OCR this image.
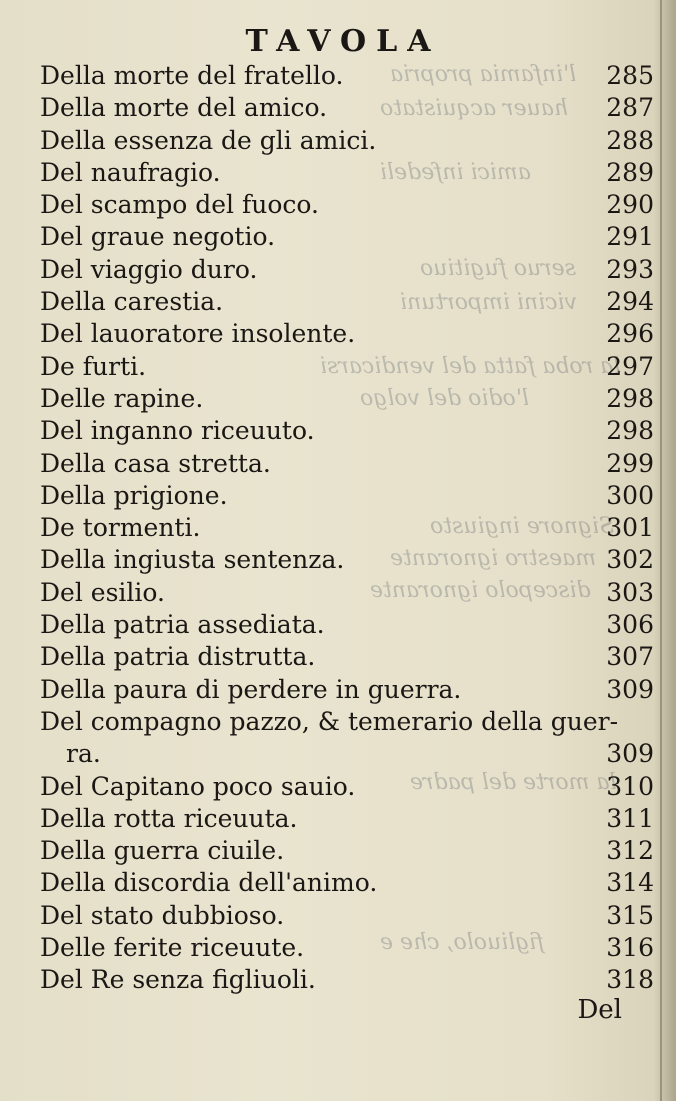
l'infamia propria
hauer acquistato
amici infedeli
seruo fugitiuo
vicini importuni
la roba fatta del vendicarsi
l'odio del volgo
Signore ingiusto
maestro ignorante
discepolo ignorante
la morte del padre
figliuolo, che e
TAVOLA
Della morte del fratello.	285
Della morte del amico.	287
Della essenza de gli amici.	288
Del naufragio.	289
Del scampo del fuoco.	290
Del graue negotio.	291
Del viaggio duro.	293
Della carestia.	294
Del lauoratore insolente.	296
De furti.	297
Delle rapine.	298
Del inganno riceuuto.	298
Della casa stretta.	299
Della prigione.	300
De tormenti.	301
Della ingiusta sentenza.	302
Del esilio.	303
Della patria assediata.	306
Della patria distrutta.	307
Della paura di perdere in guerra.	309
Del compagno pazzo, & temerario della guer-
ra.	309
Del Capitano poco sauio.	310
Della rotta riceuuta.	311
Della guerra ciuile.	312
Della discordia dell'animo.	314
Del stato dubbioso.	315
Delle ferite riceuute.	316
Del Re senza figliuoli.	318
Del
